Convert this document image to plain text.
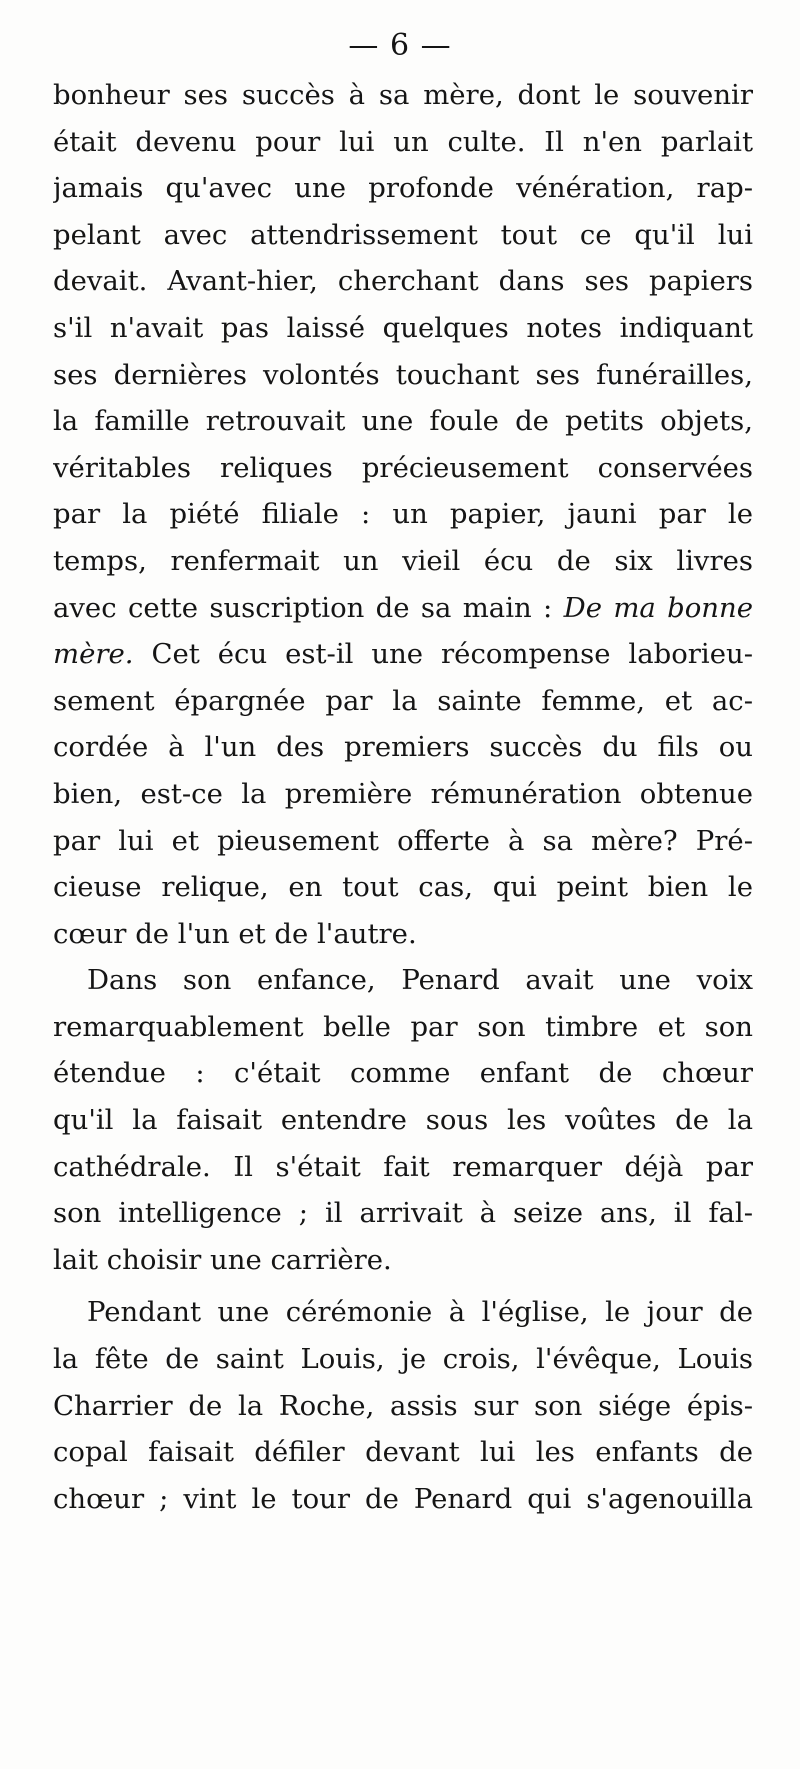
— 6 —
bonheur ses succès à sa mère, dont le souvenir
était devenu pour lui un culte. Il n'en parlait
jamais qu'avec une profonde vénération, rap-
pelant avec attendrissement tout ce qu'il lui
devait. Avant-hier, cherchant dans ses papiers
s'il n'avait pas laissé quelques notes indiquant
ses dernières volontés touchant ses funérailles,
la famille retrouvait une foule de petits objets,
véritables reliques précieusement conservées
par la piété filiale : un papier, jauni par le
temps, renfermait un vieil écu de six livres
avec cette suscription de sa main : De ma bonne
mère. Cet écu est-il une récompense laborieu-
sement épargnée par la sainte femme, et ac-
cordée à l'un des premiers succès du fils ou
bien, est-ce la première rémunération obtenue
par lui et pieusement offerte à sa mère? Pré-
cieuse relique, en tout cas, qui peint bien le
cœur de l'un et de l'autre.
Dans son enfance, Penard avait une voix
remarquablement belle par son timbre et son
étendue : c'était comme enfant de chœur
qu'il la faisait entendre sous les voûtes de la
cathédrale. Il s'était fait remarquer déjà par
son intelligence ; il arrivait à seize ans, il fal-
lait choisir une carrière.
Pendant une cérémonie à l'église, le jour de
la fête de saint Louis, je crois, l'évêque, Louis
Charrier de la Roche, assis sur son siége épis-
copal faisait défiler devant lui les enfants de
chœur ; vint le tour de Penard qui s'agenouilla
